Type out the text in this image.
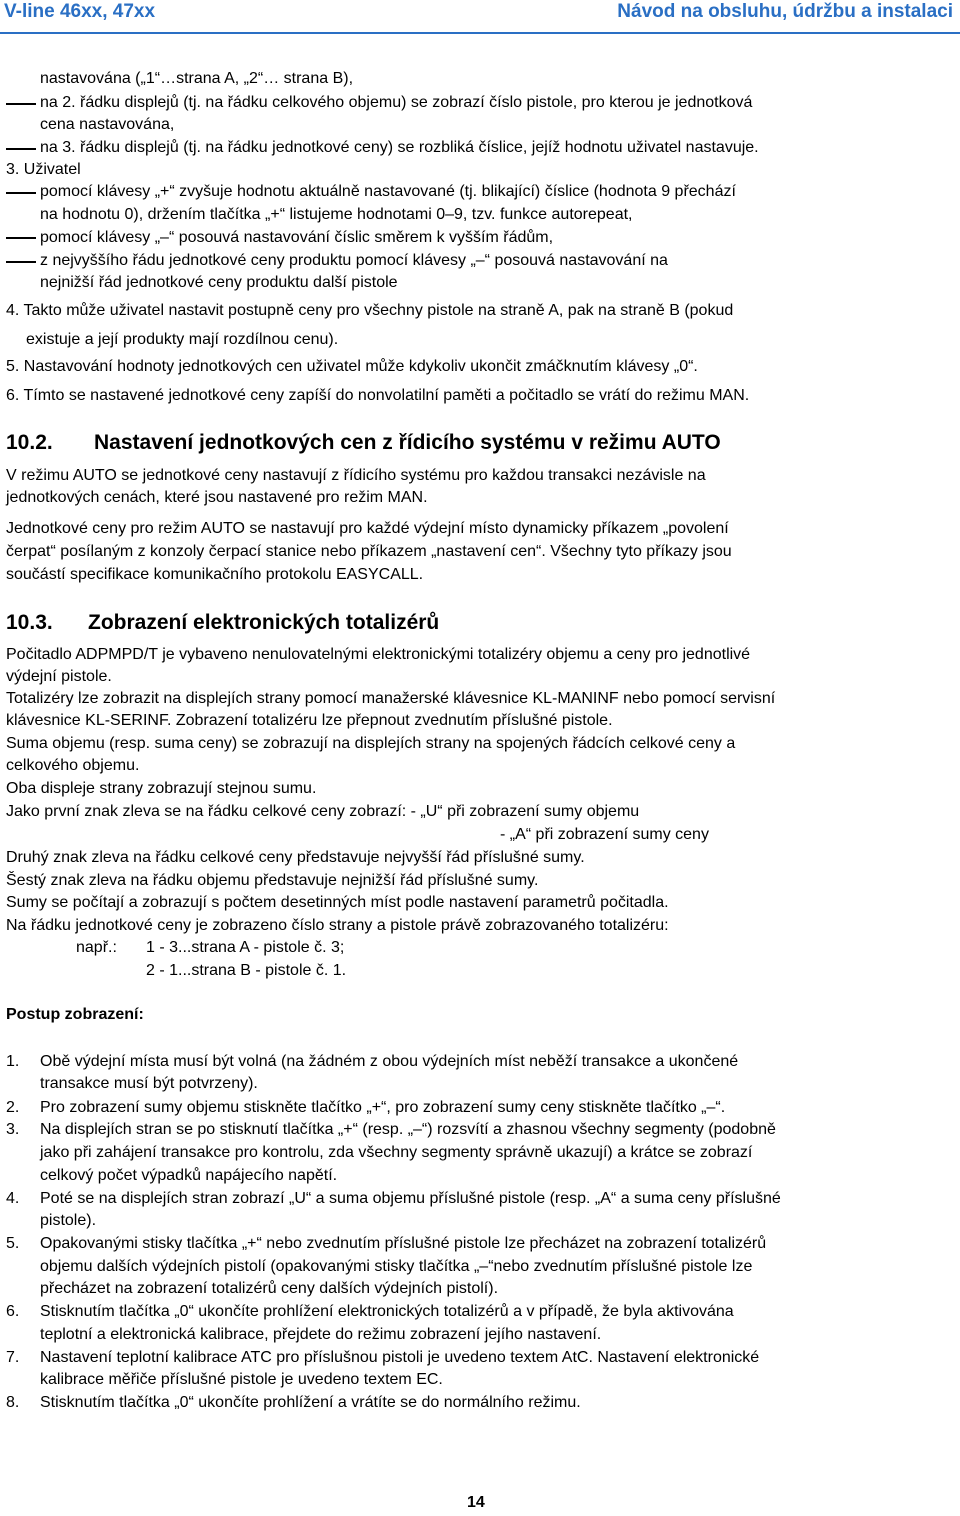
V-line 46xx, 47xx	Návod na obsluhu, údržbu a instalaci
nastavována („1“…strana A, „2“… strana B),
na 2. řádku displejů (tj. na řádku celkového objemu) se zobrazí číslo pistole, pro kterou je jednotková
cena nastavována,
na 3. řádku displejů (tj. na řádku jednotkové ceny) se rozbliká číslice, jejíž hodnotu uživatel nastavuje.
3. Uživatel
pomocí klávesy „+“ zvyšuje hodnotu aktuálně nastavované (tj. blikající) číslice (hodnota 9 přechází
na hodnotu 0), držením tlačítka „+“ listujeme hodnotami 0–9, tzv. funkce autorepeat,
pomocí klávesy „–“ posouvá nastavování číslic směrem k vyšším řádům,
z nejvyššího řádu jednotkové ceny produktu pomocí klávesy „–“ posouvá nastavování na
nejnižší řád jednotkové ceny produktu další pistole
4. Takto může uživatel nastavit postupně ceny pro všechny pistole na straně A, pak na straně B (pokud
existuje a její produkty mají rozdílnou cenu).
5. Nastavování hodnoty jednotkových cen uživatel může kdykoliv ukončit zmáčknutím klávesy „0“.
6. Tímto se nastavené jednotkové ceny zapíší do nonvolatilní paměti a počitadlo se vrátí do režimu MAN.
10.2. Nastavení jednotkových cen z řídicího systému v režimu AUTO
V režimu AUTO se jednotkové ceny nastavují z řídicího systému pro každou transakci nezávisle na
jednotkových cenách, které jsou nastavené pro režim MAN.
Jednotkové ceny pro režim AUTO se nastavují pro každé výdejní místo dynamicky příkazem „povolení
čerpat“ posílaným z konzoly čerpací stanice nebo příkazem „nastavení cen“. Všechny tyto příkazy jsou
součástí specifikace komunikačního protokolu EASYCALL.
10.3. Zobrazení elektronických totalizérů
Počitadlo ADPMPD/T je vybaveno nenulovatelnými elektronickými totalizéry objemu a ceny pro jednotlivé
výdejní pistole.
Totalizéry lze zobrazit na displejích strany pomocí manažerské klávesnice KL-MANINF nebo pomocí servisní
klávesnice KL-SERINF. Zobrazení totalizéru lze přepnout zvednutím příslušné pistole.
Suma objemu (resp. suma ceny) se zobrazují na displejích strany na spojených řádcích celkové ceny a
celkového objemu.
Oba displeje strany zobrazují stejnou sumu.
Jako první znak zleva se na řádku celkové ceny zobrazí: - „U“ při zobrazení sumy objemu
- „A“ při zobrazení sumy ceny
Druhý znak zleva na řádku celkové ceny představuje nejvyšší řád příslušné sumy.
Šestý znak zleva na řádku objemu představuje nejnižší řád příslušné sumy.
Sumy se počítají a zobrazují s počtem desetinných míst podle nastavení parametrů počitadla.
Na řádku jednotkové ceny je zobrazeno číslo strany a pistole právě zobrazovaného totalizéru:
např.: 1 - 3...strana A - pistole č. 3;
2 - 1...strana B - pistole č. 1.
Postup zobrazení:
1. Obě výdejní místa musí být volná (na žádném z obou výdejních míst neběží transakce a ukončené
transakce musí být potvrzeny).
2. Pro zobrazení sumy objemu stiskněte tlačítko „+“, pro zobrazení sumy ceny stiskněte tlačítko „–“.
3. Na displejích stran se po stisknutí tlačítka „+“ (resp. „–“) rozsvítí a zhasnou všechny segmenty (podobně
jako při zahájení transakce pro kontrolu, zda všechny segmenty správně ukazují) a krátce se zobrazí
celkový počet výpadků napájecího napětí.
4. Poté se na displejích stran zobrazí „U“ a suma objemu příslušné pistole (resp. „A“ a suma ceny příslušné
pistole).
5. Opakovanými stisky tlačítka „+“ nebo zvednutím příslušné pistole lze přecházet na zobrazení totalizérů
objemu dalších výdejních pistolí (opakovanými stisky tlačítka „–“nebo zvednutím příslušné pistole lze
přecházet na zobrazení totalizérů ceny dalších výdejních pistolí).
6. Stisknutím tlačítka „0“ ukončíte prohlížení elektronických totalizérů a v případě, že byla aktivována
teplotní a elektronická kalibrace, přejdete do režimu zobrazení jejího nastavení.
7. Nastavení teplotní kalibrace ATC pro příslušnou pistoli je uvedeno textem AtC. Nastavení elektronické
kalibrace měřiče příslušné pistole je uvedeno textem EC.
8. Stisknutím tlačítka „0“ ukončíte prohlížení a vrátíte se do normálního režimu.
14
